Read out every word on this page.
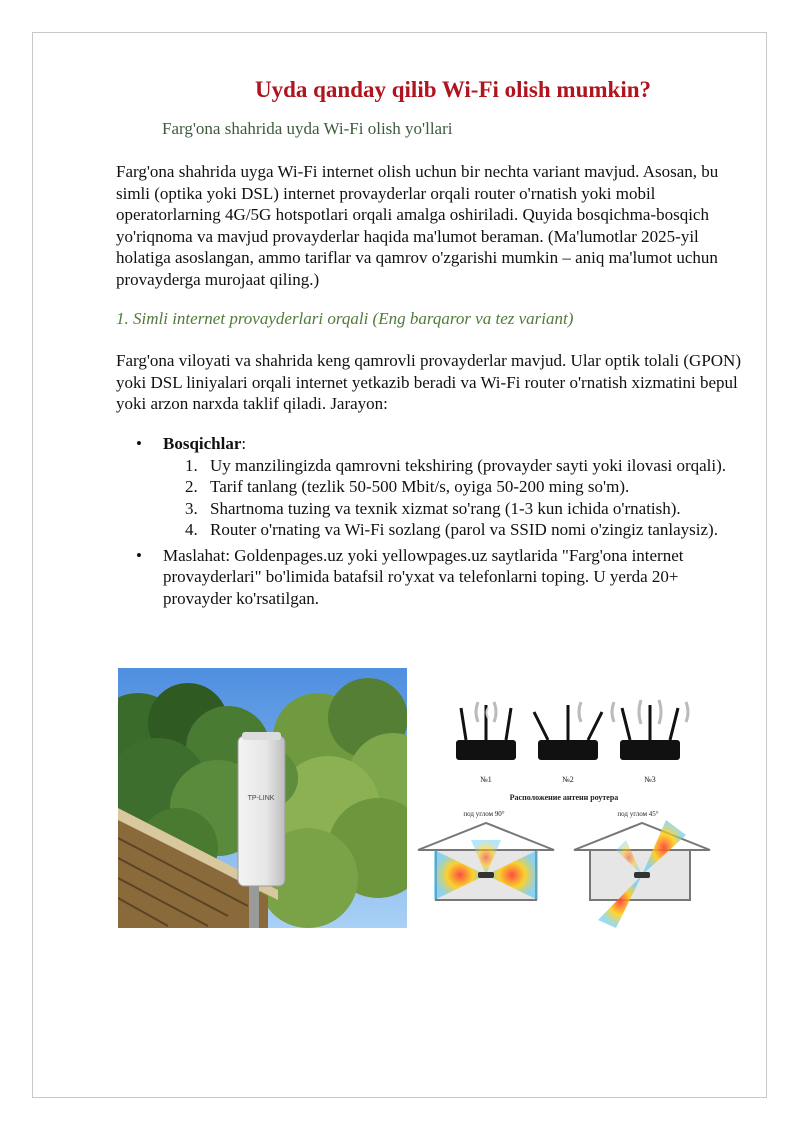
Uyda qanday qilib Wi-Fi olish mumkin?
Farg'ona shahrida uyda Wi-Fi olish yo'llari

Farg'ona shahrida uyga Wi-Fi internet olish uchun bir nechta variant mavjud. Asosan, bu simli (optika yoki DSL) internet provayderlar orqali router o'rnatish yoki mobil operatorlarning 4G/5G hotspotlari orqali amalga oshiriladi. Quyida bosqichma-bosqich yo'riqnoma va mavjud provayderlar haqida ma'lumot beraman. (Ma'lumotlar 2025-yil holatiga asoslangan, ammo tariflar va qamrov o'zgarishi mumkin – aniq ma'lumot uchun provayderga murojaat qiling.)

1. Simli internet provayderlari orqali (Eng barqaror va tez variant)

Farg'ona viloyati va shahrida keng qamrovli provayderlar mavjud. Ular optik tolali (GPON) yoki DSL liniyalari orqali internet yetkazib beradi va Wi-Fi router o'rnatish xizmatini bepul yoki arzon narxda taklif qiladi. Jarayon:

• Bosqichlar:
1. Uy manzilingizda qamrovni tekshiring (provayder sayti yoki ilovasi orqali).
2. Tarif tanlang (tezlik 50-500 Mbit/s, oyiga 50-200 ming so'm).
3. Shartnoma tuzing va texnik xizmat so'rang (1-3 kun ichida o'rnatish).
4. Router o'rnating va Wi-Fi sozlang (parol va SSID nomi o'zingiz tanlaysiz).
• Maslahat: Goldenpages.uz yoki yellowpages.uz saytlarida "Farg'ona internet provayderlari" bo'limida batafsil ro'yxat va telefonlarni toping. U yerda 20+ provayder ko'rsatilgan.
TP-LINK
№1	№2	№3
Расположение антенн роутера
под углом 90°	под углом 45°
